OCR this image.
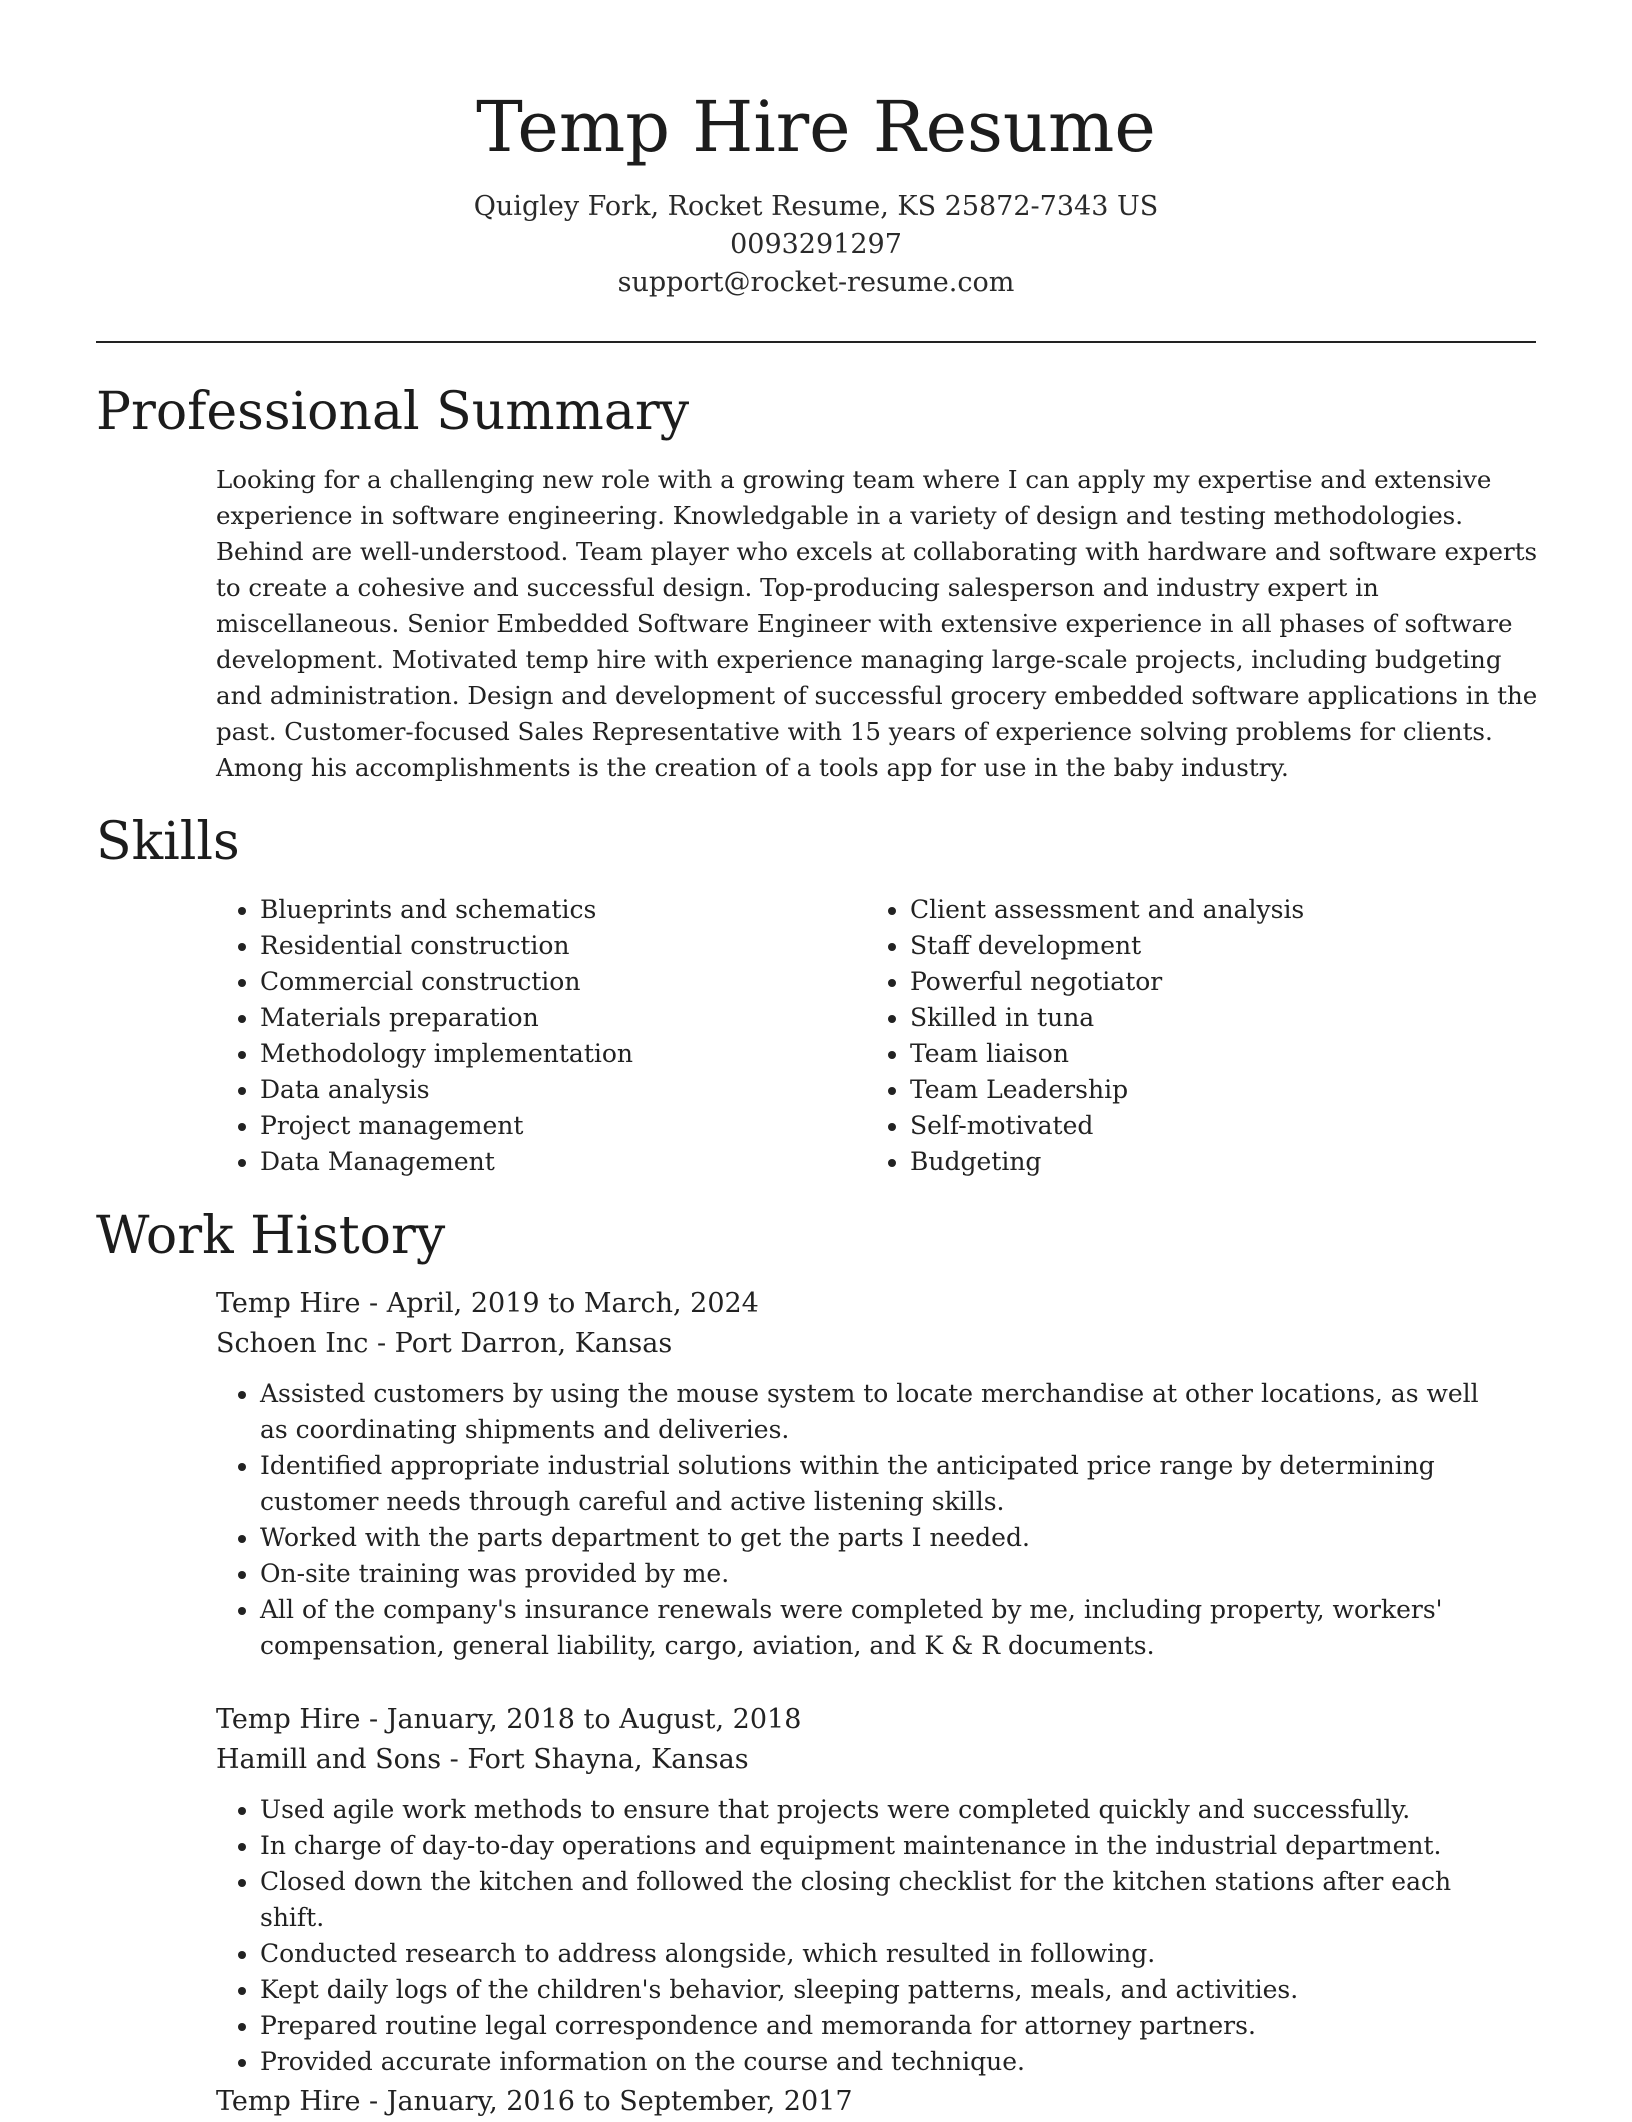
Temp Hire Resume
Quigley Fork, Rocket Resume, KS 25872-7343 US
0093291297
support@rocket-resume.com
Professional Summary

Looking for a challenging new role with a growing team where I can apply my expertise and extensive experience in software engineering. Knowledgable in a variety of design and testing methodologies. Behind are well-understood. Team player who excels at collaborating with hardware and software experts to create a cohesive and successful design. Top-producing salesperson and industry expert in miscellaneous. Senior Embedded Software Engineer with extensive experience in all phases of software development. Motivated temp hire with experience managing large-scale projects, including budgeting and administration. Design and development of successful grocery embedded software applications in the past. Customer-focused Sales Representative with 15 years of experience solving problems for clients. Among his accomplishments is the creation of a tools app for use in the baby industry.

Skills
• Blueprints and schematics
• Residential construction
• Commercial construction
• Materials preparation
• Methodology implementation
• Data analysis
• Project management
• Data Management
• Client assessment and analysis
• Staff development
• Powerful negotiator
• Skilled in tuna
• Team liaison
• Team Leadership
• Self-motivated
• Budgeting
Work History
Temp Hire - April, 2019 to March, 2024
Schoen Inc - Port Darron, Kansas
• Assisted customers by using the mouse system to locate merchandise at other locations, as well as coordinating shipments and deliveries.
• Identified appropriate industrial solutions within the anticipated price range by determining customer needs through careful and active listening skills.
• Worked with the parts department to get the parts I needed.
• On-site training was provided by me.
• All of the company's insurance renewals were completed by me, including property, workers' compensation, general liability, cargo, aviation, and K & R documents.
Temp Hire - January, 2018 to August, 2018
Hamill and Sons - Fort Shayna, Kansas
• Used agile work methods to ensure that projects were completed quickly and successfully.
• In charge of day-to-day operations and equipment maintenance in the industrial department.
• Closed down the kitchen and followed the closing checklist for the kitchen stations after each shift.
• Conducted research to address alongside, which resulted in following.
• Kept daily logs of the children's behavior, sleeping patterns, meals, and activities.
• Prepared routine legal correspondence and memoranda for attorney partners.
• Provided accurate information on the course and technique.
Temp Hire - January, 2016 to September, 2017
